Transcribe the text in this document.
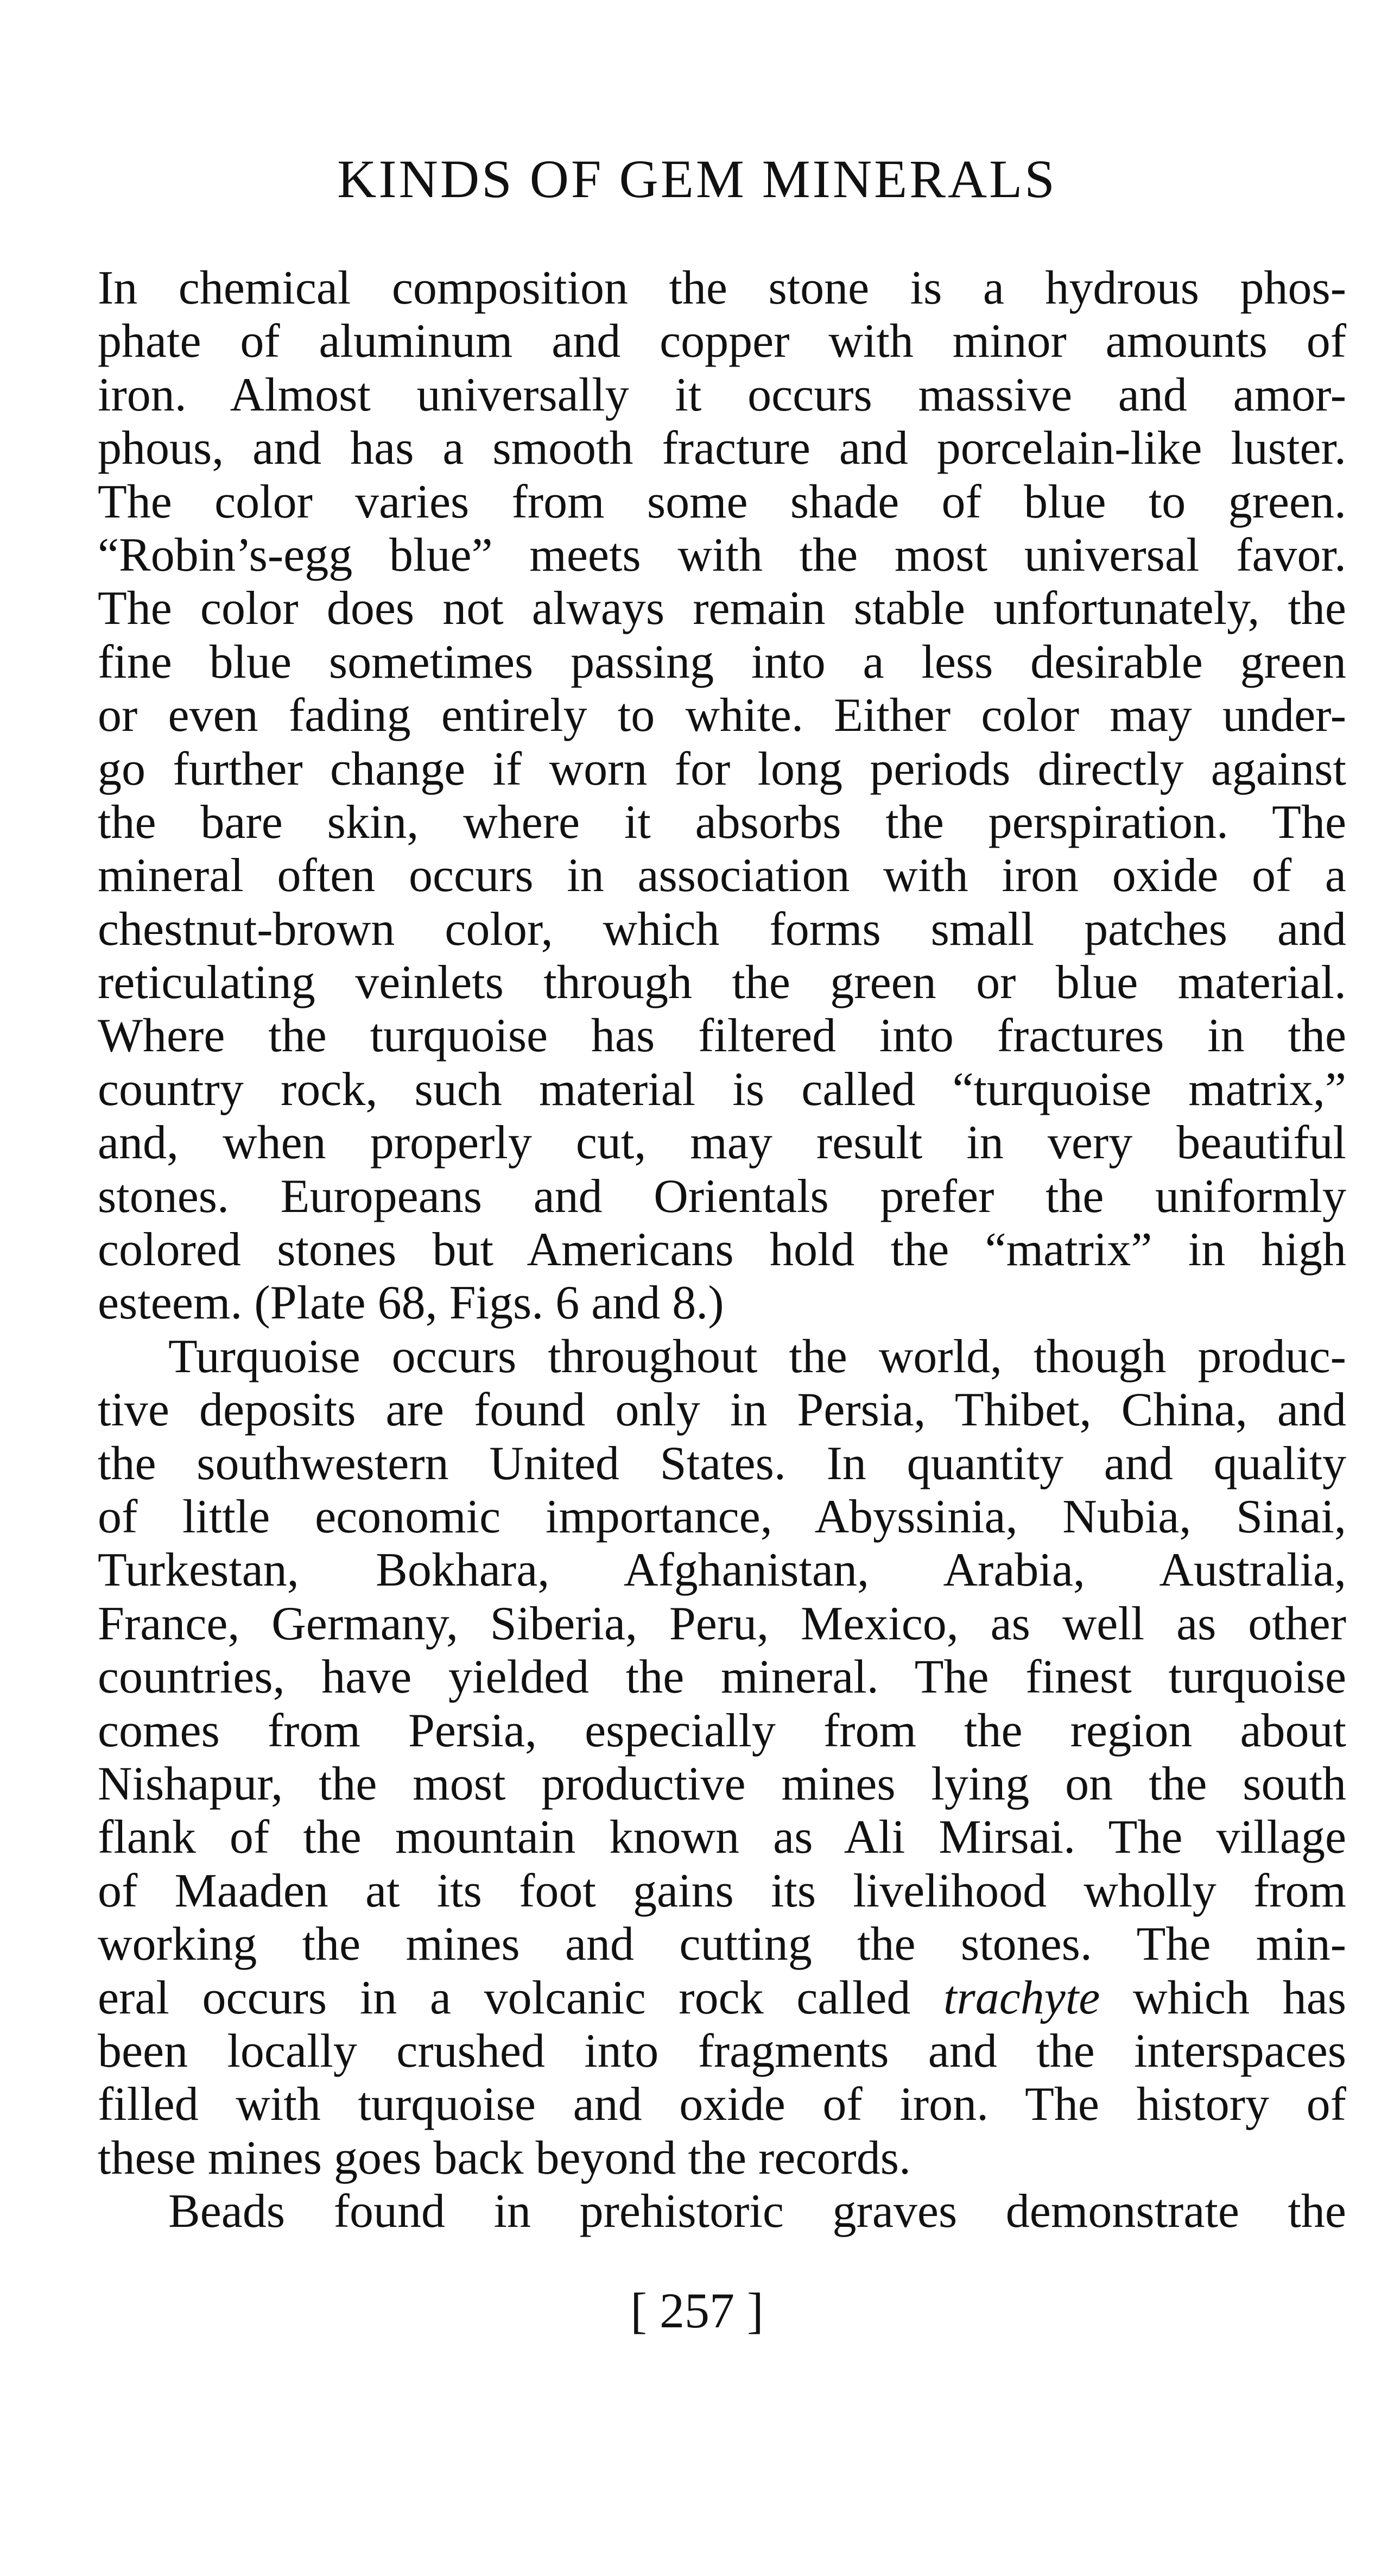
KINDS OF GEM MINERALS
In chemical composition the stone is a hydrous phos-
phate of aluminum and copper with minor amounts of
iron. Almost universally it occurs massive and amor-
phous, and has a smooth fracture and porcelain-like luster.
The color varies from some shade of blue to green.
“Robin’s-egg blue” meets with the most universal favor.
The color does not always remain stable unfortunately, the
fine blue sometimes passing into a less desirable green
or even fading entirely to white. Either color may under-
go further change if worn for long periods directly against
the bare skin, where it absorbs the perspiration. The
mineral often occurs in association with iron oxide of a
chestnut-brown color, which forms small patches and
reticulating veinlets through the green or blue material.
Where the turquoise has filtered into fractures in the
country rock, such material is called “turquoise matrix,”
and, when properly cut, may result in very beautiful
stones. Europeans and Orientals prefer the uniformly
colored stones but Americans hold the “matrix” in high
esteem. (Plate 68, Figs. 6 and 8.)
Turquoise occurs throughout the world, though produc-
tive deposits are found only in Persia, Thibet, China, and
the southwestern United States. In quantity and quality
of little economic importance, Abyssinia, Nubia, Sinai,
Turkestan, Bokhara, Afghanistan, Arabia, Australia,
France, Germany, Siberia, Peru, Mexico, as well as other
countries, have yielded the mineral. The finest turquoise
comes from Persia, especially from the region about
Nishapur, the most productive mines lying on the south
flank of the mountain known as Ali Mirsai. The village
of Maaden at its foot gains its livelihood wholly from
working the mines and cutting the stones. The min-
eral occurs in a volcanic rock called trachyte which has
been locally crushed into fragments and the interspaces
filled with turquoise and oxide of iron. The history of
these mines goes back beyond the records.
Beads found in prehistoric graves demonstrate the
[ 257 ]
